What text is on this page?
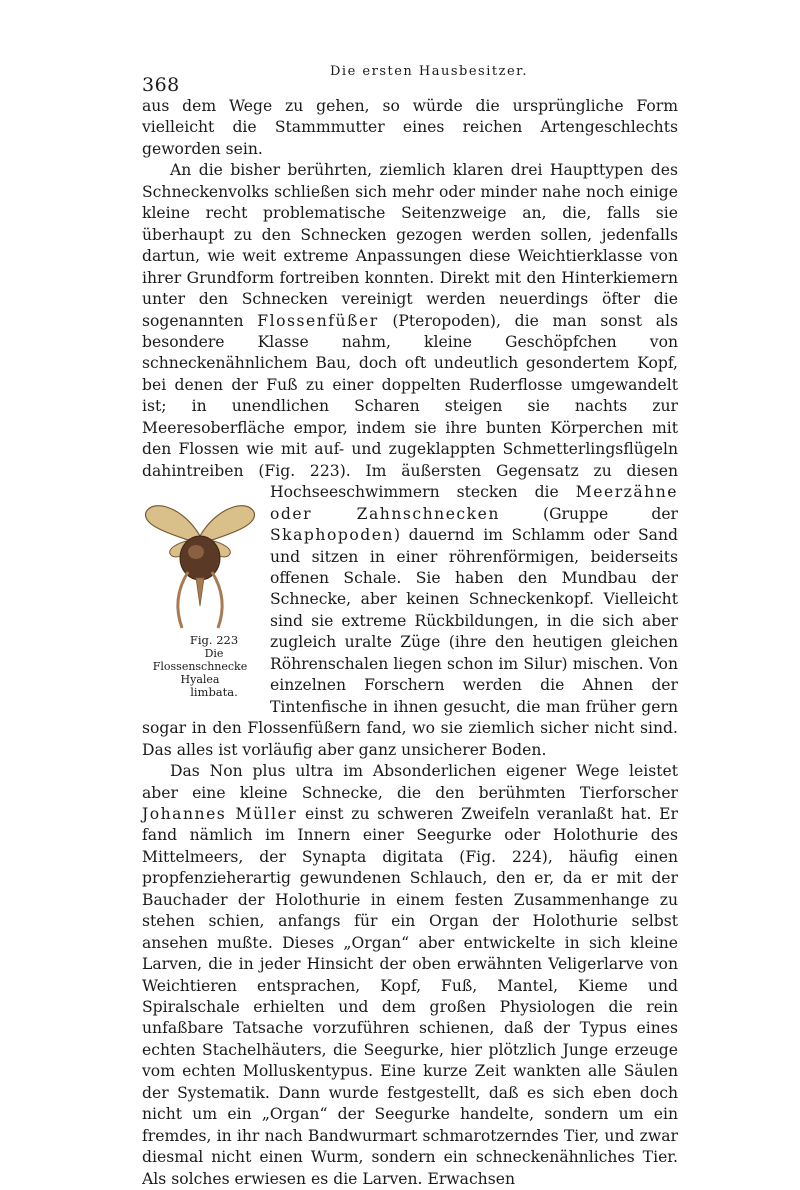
368
Die ersten Hausbesitzer.

aus dem Wege zu gehen, so würde die ursprüngliche Form vielleicht die Stammmutter eines reichen Artengeschlechts geworden sein.

An die bisher berührten, ziemlich klaren drei Haupttypen des Schneckenvolks schließen sich mehr oder minder nahe noch einige kleine recht problematische Seitenzweige an, die, falls sie überhaupt zu den Schnecken gezogen werden sollen, jedenfalls dartun, wie weit extreme Anpassungen diese Weichtierklasse von ihrer Grundform fortreiben konnten. Direkt mit den Hinterkiemern unter den Schnecken vereinigt werden neuerdings öfter die sogenannten Flossenfüßer (Pteropoden), die man sonst als besondere Klasse nahm, kleine Geschöpfchen von schneckenähnlichem Bau, doch oft undeutlich gesondertem Kopf, bei denen der Fuß zu einer doppelten Ruderflosse umgewandelt ist; in unendlichen Scharen steigen sie nachts zur Meeresoberfläche empor, indem sie ihre bunten Körperchen mit den Flossen wie mit auf- und zugeklappten Schmetterlingsflügeln dahintreiben (Fig. 223). Im äußersten Gegensatz zu diesen Hochseeschwimmern stecken die
Fig. 223
Die Flossenschnecke Hyalea
limbata.
Meerzähne oder Zahnschnecken	(Gruppe der Skaphopoden) dauernd im Schlamm oder Sand und sitzen in einer röhrenförmigen, beiderseits offenen Schale. Sie haben den Mundbau der Schnecke, aber keinen Schneckenkopf. Vielleicht sind sie extreme Rückbildungen, in die sich aber zugleich uralte Züge (ihre den heutigen gleichen Röhrenschalen liegen schon im Silur) mischen. Von einzelnen Forschern werden die Ahnen der Tintenfische in ihnen gesucht, die man früher gern sogar in den Flossenfüßern fand, wo sie ziemlich sicher nicht sind. Das alles ist vorläufig aber ganz unsicherer Boden.

Das Non plus ultra im Absonderlichen eigener Wege leistet aber eine kleine Schnecke, die den berühmten Tierforscher Johannes Müller einst zu schweren Zweifeln veranlaßt hat. Er fand nämlich im Innern einer Seegurke oder Holothurie des Mittelmeers, der Synapta digitata (Fig. 224), häufig einen propfenzieherartig gewundenen Schlauch, den er, da er mit der Bauchader der Holothurie in einem festen Zusammenhange zu stehen schien, anfangs für ein Organ der Holothurie selbst ansehen mußte. Dieses „Organ“ aber entwickelte in sich kleine Larven, die in jeder Hinsicht der oben erwähnten Veligerlarve von Weichtieren entsprachen, Kopf, Fuß, Mantel, Kieme und Spiralschale erhielten und dem großen Physiologen die rein unfaßbare Tatsache vorzuführen schienen, daß der Typus eines echten Stachelhäuters, die Seegurke, hier plötzlich Junge erzeuge vom echten Molluskentypus. Eine kurze Zeit wankten alle Säulen der Systematik. Dann wurde festgestellt, daß es sich eben doch nicht um ein „Organ“ der Seegurke handelte, sondern um ein fremdes, in ihr nach Bandwurmart schmarotzerndes Tier, und zwar diesmal nicht einen Wurm, sondern ein schneckenähnliches Tier. Als solches erwiesen es die Larven. Erwachsen
